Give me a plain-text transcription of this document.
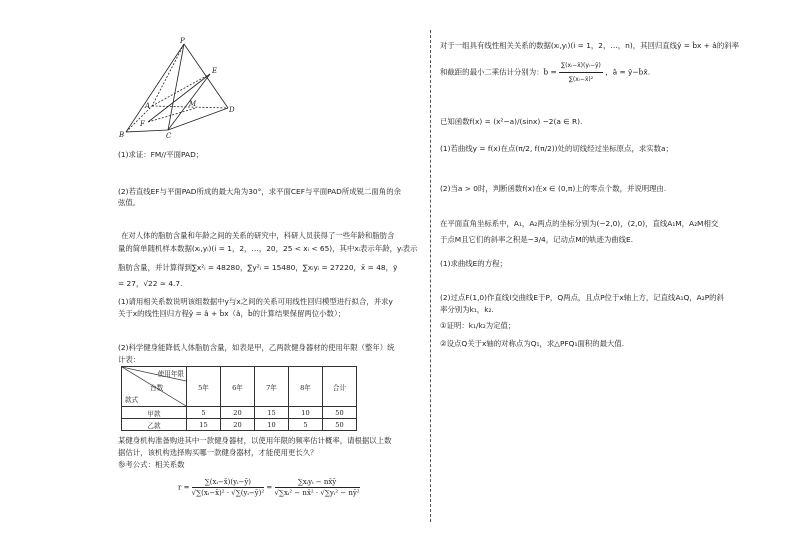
P
E
A	M
D
F
B	C
(1)求证：FM//平面PAD；
(2)若直线EF与平面PAD所成的最大角为30°，求平面CEF与平面PAD所成锐二面角的余
弦值。
在对人体的脂肪含量和年龄之间的关系的研究中，科研人员获得了一些年龄和脂肪含
量的简单随机样本数据(xᵢ,yᵢ)(i = 1，2，…，20，25 < xᵢ < 65)，其中xᵢ表示年龄，yᵢ表示
脂肪含量，并计算得到∑x²ᵢ = 48280，∑y²ᵢ = 15480，∑xᵢyᵢ = 27220，x̄ = 48，ȳ
= 27，√22 ≈ 4.7.
(1)请用相关系数说明该组数据中y与x之间的关系可用线性回归模型进行拟合，并求y
关于x的线性回归方程ŷ = â + b̂x（â，b̂的计算结果保留两位小数）；
(2)科学健身能降低人体脂肪含量，如表是甲，乙两款健身器材的使用年限（整年）统
计表：
使用年限
台数
款式	5年	6年	7年	8年	合计
甲款	5	20	15	10	50
乙款	15	20	10	5	50
某健身机构准备购进其中一款健身器材，以使用年限的频率估计概率，请根据以上数
据估计，该机构选择购买哪一款健身器材，才能使用更长久？
参考公式：相关系数
$r = \frac{\text{∑(xᵢ−x̄)(yᵢ−ȳ)}}{\text{√∑(xᵢ−x̄)² · √∑(yᵢ−ȳ)²}} = \frac{\text{∑xᵢyᵢ − nx̄ȳ}}{\text{√∑xᵢ² − nx̄² · √∑yᵢ² − nȳ²}}$
对于一组具有线性相关关系的数据(xᵢ,yᵢ)(i = 1，2，…，n)，其回归直线ŷ = b̂x + â的斜率
和截距的最小二乘估计分别为：b̂ = $\frac{\text{∑(xᵢ−x̄)(yᵢ−ȳ)}}{\text{∑(xᵢ−x̄)²}}$ ，â = ȳ−b̂x̄.
已知函数f(x) = (x²−a)/(sinx) −2(a ∈ R).
(1)若曲线y = f(x)在点(π/2, f(π/2))处的切线经过坐标原点，求实数a；
(2)当a > 0时，判断函数f(x)在x ∈ (0,π)上的零点个数，并说明理由.
在平面直角坐标系中，A₁，A₂两点的坐标分别为(−2,0)，(2,0)，直线A₁M，A₂M相交
于点M且它们的斜率之积是−3/4，记动点M的轨迹为曲线E.
(1)求曲线E的方程；
(2)过点F(1,0)作直线l交曲线E于P，Q两点，且点P位于x轴上方，记直线A₁Q，A₂P的斜
率分别为k₁，k₂.
①证明：k₁/k₂为定值；
②设点Q关于x轴的对称点为Q₁，求△PFQ₁面积的最大值.
